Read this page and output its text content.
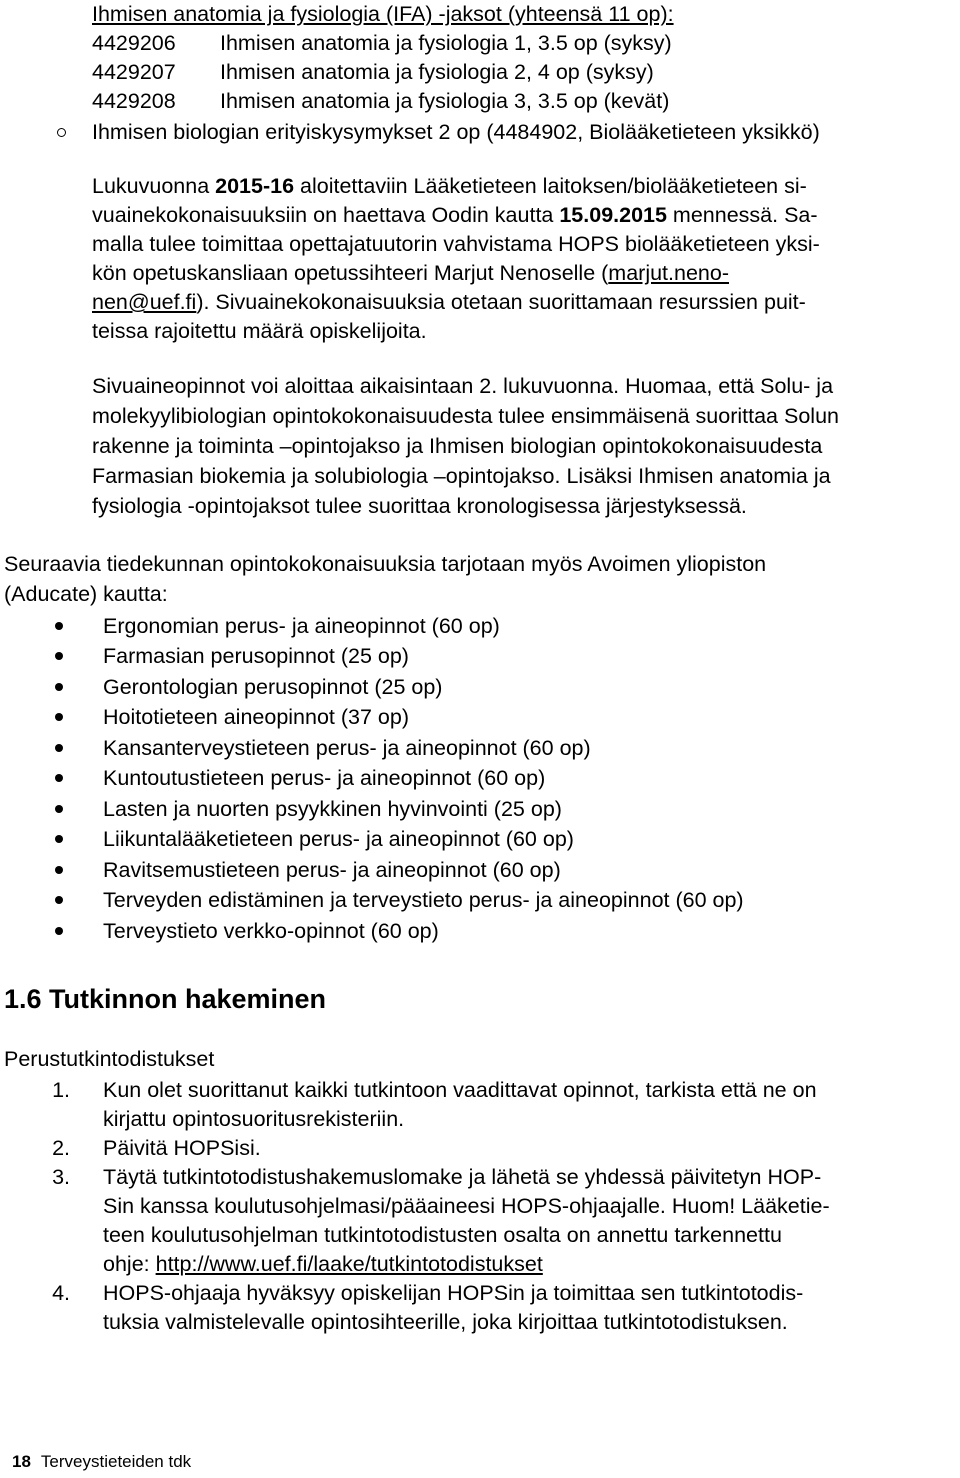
Ihmisen anatomia ja fysiologia (IFA) -jaksot (yhteensä 11 op):
4429206 Ihmisen anatomia ja fysiologia 1, 3.5 op (syksy)
4429207 Ihmisen anatomia ja fysiologia 2, 4 op (syksy)
4429208 Ihmisen anatomia ja fysiologia 3, 3.5 op (kevät)
Ihmisen biologian erityiskysymykset 2 op (4484902, Biolääketieteen yksikkö)
Lukuvuonna 2015-16 aloitettaviin Lääketieteen laitoksen/biolääketieteen si-
vuainekokonaisuuksiin on haettava Oodin kautta 15.09.2015 mennessä. Sa-
malla tulee toimittaa opettajatuutorin vahvistama HOPS biolääketieteen yksi-
kön opetuskansliaan opetussihteeri Marjut Nenoselle (marjut.neno-
nen@uef.fi). Sivuainekokonaisuuksia otetaan suorittamaan resurssien puit-
teissa rajoitettu määrä opiskelijoita.
Sivuaineopinnot voi aloittaa aikaisintaan 2. lukuvuonna. Huomaa, että Solu- ja
molekyylibiologian opintokokonaisuudesta tulee ensimmäisenä suorittaa Solun
rakenne ja toiminta –opintojakso ja Ihmisen biologian opintokokonaisuudesta
Farmasian biokemia ja solubiologia –opintojakso. Lisäksi Ihmisen anatomia ja
fysiologia -opintojaksot tulee suorittaa kronologisessa järjestyksessä.
Seuraavia tiedekunnan opintokokonaisuuksia tarjotaan myös Avoimen yliopiston
(Aducate) kautta:
Ergonomian perus- ja aineopinnot (60 op)
Farmasian perusopinnot (25 op)
Gerontologian perusopinnot (25 op)
Hoitotieteen aineopinnot (37 op)
Kansanterveystieteen perus- ja aineopinnot (60 op)
Kuntoutustieteen perus- ja aineopinnot (60 op)
Lasten ja nuorten psyykkinen hyvinvointi (25 op)
Liikuntalääketieteen perus- ja aineopinnot (60 op)
Ravitsemustieteen perus- ja aineopinnot (60 op)
Terveyden edistäminen ja terveystieto perus- ja aineopinnot (60 op)
Terveystieto verkko-opinnot (60 op)
1.6 Tutkinnon hakeminen
Perustutkintodistukset
1. Kun olet suorittanut kaikki tutkintoon vaadittavat opinnot, tarkista että ne on
kirjattu opintosuoritusrekisteriin.
2. Päivitä HOPSisi.
3. Täytä tutkintotodistushakemuslomake ja lähetä se yhdessä päivitetyn HOP-
Sin kanssa koulutusohjelmasi/pääaineesi HOPS-ohjaajalle. Huom! Lääketie-
teen koulutusohjelman tutkintotodistusten osalta on annettu tarkennettu
ohje: http://www.uef.fi/laake/tutkintotodistukset
4. HOPS-ohjaaja hyväksyy opiskelijan HOPSin ja toimittaa sen tutkintotodis-
tuksia valmistelevalle opintosihteerille, joka kirjoittaa tutkintotodistuksen.
18 Terveystieteiden tdk
